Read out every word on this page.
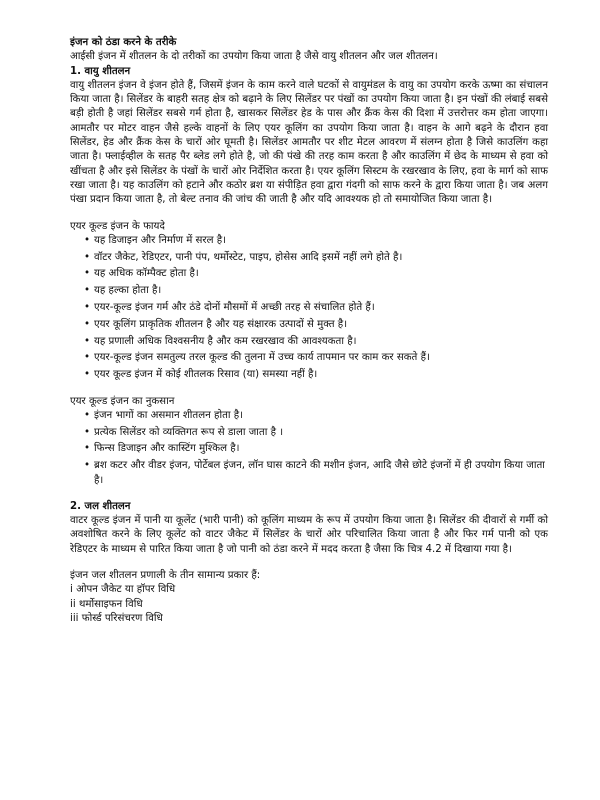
इंजन को ठंडा करने के तरीके

आईसी इंजन में शीतलन के दो तरीकों का उपयोग किया जाता है जैसे वायु शीतलन और जल शीतलन।

1. वायु शीतलन

वायु शीतलन इंजन वे इंजन होते हैं, जिसमें इंजन के काम करने वाले घटकों से वायुमंडल के वायु का उपयोग करके ऊष्मा का संचालन किया जाता है। सिलेंडर के बाहरी सतह क्षेत्र को बढ़ाने के लिए सिलेंडर पर पंखों का उपयोग किया जाता है। इन पंखों की लंबाई सबसे बड़ी होती है जहां सिलेंडर सबसे गर्म होता है, खासकर सिलेंडर हेड के पास और क्रैंक केस की दिशा में उत्तरोत्तर कम होता जाएगा। आमतौर पर मोटर वाहन जैसे हल्के वाहनों के लिए एयर कूलिंग का उपयोग किया जाता है। वाहन के आगे बढ़ने के दौरान हवा सिलेंडर, हेड और क्रैंक केस के चारों ओर घूमती है। सिलेंडर आमतौर पर शीट मेटल आवरण में संलग्न होता है जिसे काउलिंग कहा जाता है। फ्लाईव्हील के सतह पैर ब्लेड लगे होते है, जो की पंखे की तरह काम करता है और काउलिंग में छेद के माध्यम से हवा को खींचता है और इसे सिलेंडर के पंखों के चारों ओर निर्देशित करता है। एयर कूलिंग सिस्टम के रखरखाव के लिए, हवा के मार्ग को साफ रखा जाता है। यह काउलिंग को हटाने और कठोर ब्रश या संपीड़ित हवा द्वारा गंदगी को साफ करने के द्वारा किया जाता है। जब अलग पंखा प्रदान किया जाता है, तो बेल्ट तनाव की जांच की जाती है और यदि आवश्यक हो तो समायोजित किया जाता है।

एयर कूल्ड इंजन के फायदे

• यह डिजाइन और निर्माण में सरल है।
• वॉटर जैकेट, रेडिएटर, पानी पंप, थर्मोस्टेट, पाइप, होसेस आदि इसमें नहीं लगे होते है।
• यह अधिक कॉम्पैक्ट होता है।
• यह हल्का होता है।
• एयर-कूल्ड इंजन गर्म और ठंडे दोनों मौसमों में अच्छी तरह से संचालित होते हैं।
• एयर कूलिंग प्राकृतिक शीतलन है और यह संक्षारक उत्पादों से मुक्त है।
• यह प्रणाली अधिक विश्वसनीय है और कम रखरखाव की आवश्यकता है।
• एयर-कूल्ड इंजन समतुल्य तरल कूल्ड की तुलना में उच्च कार्य तापमान पर काम कर सकते हैं।
• एयर कूल्ड इंजन में कोई शीतलक रिसाव (या) समस्या नहीं है।

एयर कूल्ड इंजन का नुकसान

• इंजन भागों का असमान शीतलन होता है।
• प्रत्येक सिलेंडर को व्यक्तिगत रूप से डाला जाता है ।
• फिन्स डिजाइन और कास्टिंग मुश्किल है।
• ब्रश कटर और वीडर इंजन, पोर्टेबल इंजन, लॉन घास काटने की मशीन इंजन, आदि जैसे छोटे इंजनों में ही उपयोग किया जाता है।

2. जल शीतलन

वाटर कूल्ड इंजन में पानी या कूलेंट (भारी पानी) को कूलिंग माध्यम के रूप में उपयोग किया जाता है। सिलेंडर की दीवारों से गर्मी को अवशोषित करने के लिए कूलेंट को वाटर जैकेट में सिलेंडर के चारों ओर परिचालित किया जाता है और फिर गर्म पानी को एक रेडिएटर के माध्यम से पारित किया जाता है जो पानी को ठंडा करने में मदद करता है जैसा कि चित्र 4.2 में दिखाया गया है।

इंजन जल शीतलन प्रणाली के तीन सामान्य प्रकार हैं:

i ओपन जैकेट या हॉपर विधि

ii थर्मोसाइफन विधि

iii फोर्स्ड परिसंचरण विधि
